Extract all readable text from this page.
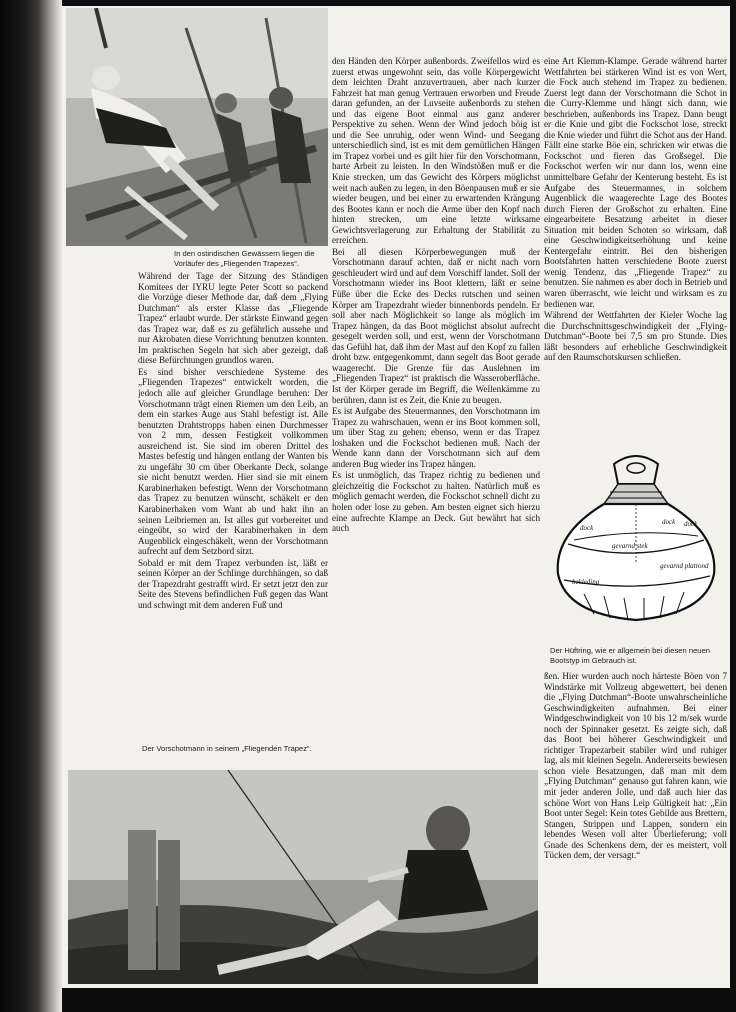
In den ostindischen Gewässern liegen die Vorläufer des „Fliegenden Trapezes“.

Während der Tage der Sitzung des Ständigen Komitees der IYRU legte Peter Scott so packend die Vorzüge dieser Methode dar, daß dem „Flying Dutchman“ als erster Klasse das „Fliegende Trapez“ erlaubt wurde. Der stärkste Einwand gegen das Trapez war, daß es zu gefährlich aussehe und nur Akrobaten diese Vorrichtung benutzen konnten. Im praktischen Segeln hat sich aber gezeigt, daß diese Befürchtungen grundlos waren.

Es sind bisher verschiedene Systeme des „Fliegenden Trapezes“ entwickelt worden, die jedoch alle auf gleicher Grundlage beruhen: Der Vorschotmann trägt einen Riemen um den Leib, an dem ein starkes Auge aus Stahl befestigt ist. Alle benutzten Drahtstropps haben einen Durchmesser von 2 mm, dessen Festigkeit vollkommen ausreichend ist. Sie sind im oberen Drittel des Mastes befestig und hängen entlang der Wanten bis zu ungefähr 30 cm über Oberkante Deck, solange sie nicht benutzt werden. Hier sind sie mit einem Karabinerhaken befestigt. Wenn der Vorschotmann das Trapez zu benutzen wünscht, schäkelt er den Karabinerhaken vom Want ab und hakt ihn an seinen Leibriemen an. Ist alles gut vorbereitet und eingeübt, so wird der Karabinerhaken in dem Augenblick eingeschäkelt, wenn der Vorschotmann aufrecht auf dem Setzbord sitzt.

Sobald er mit dem Trapez verbunden ist, läßt er seinen Körper an der Schlinge durchhängen, so daß der Trapezdraht gestrafft wird. Er setzt jetzt den zur Seite des Stevens befindlichen Fuß gegen das Want und schwingt mit dem anderen Fuß und

Der Vorschotmann in seinem „Fliegenden Trapez“.

den Händen den Körper außenbords. Zweifellos wird es zuerst etwas ungewohnt sein, das volle Körpergewicht dem leichten Draht anzuvertrauen, aber nach kurzer Fahrzeit hat man genug Vertrauen erworben und Freude daran gefunden, an der Luvseite außenbords zu stehen und das eigene Boot einmal aus ganz anderer Perspektive zu sehen. Wenn der Wind jedoch böig ist und die See unruhig, oder wenn Wind- und Seegang unterschiedlich sind, ist es mit dem gemütlichen Hängen im Trapez vorbei und es gilt hier für den Vorschotmann, harte Arbeit zu leisten. In den Windstößen muß er die Knie strecken, um das Gewicht des Körpers möglichst weit nach außen zu legen, in den Böenpausen muß er sie wieder beugen, und bei einer zu erwartenden Krängung des Bootes kann er noch die Arme über den Kopf nach hinten strecken, um eine letzte wirksame Gewichtsverlagerung zur Erhaltung der Stabilität zu erreichen.

Bei all diesen Körperbewegungen muß der Vorschotmann darauf achten, daß er nicht nach vorn geschleudert wird und auf dem Vorschiff landet. Soll der Vorschotmann wieder ins Boot klettern, läßt er seine Füße über die Ecke des Decks rutschen und seinen Körper am Trapezdraht wieder binnenbords pendeln. Er soll aber nach Möglichkeit so lange als möglich im Trapez hängen, da das Boot möglichst absolut aufrecht gesegelt werden soll, und erst, wenn der Vorschotmann das Gefühl hat, daß ihm der Mast auf den Kopf zu fallen droht bzw. entgegenkommt, dann segelt das Boot gerade waagerecht. Die Grenze für das Auslehnen im „Fliegenden Trapez“ ist praktisch die Wasseroberfläche. Ist der Körper gerade im Begriff, die Wellenkämme zu berühren, dann ist es Zeit, die Knie zu beugen.

Es ist Aufgabe des Steuermannes, den Vorschotmann im Trapez zu wahrschauen, wenn er ins Boot kommen soll, um über Stag zu gehen; ebenso, wenn er das Trapez loshaken und die Fockschot bedienen muß. Nach der Wende kann dann der Vorschotmann sich auf dem anderen Bug wieder ins Trapez hängen.

Es ist unmöglich, das Trapez richtig zu bedienen und gleichzeitig die Fockschot zu halten. Natürlich muß es möglich gemacht werden, die Fockschot schnell dicht zu holen oder lose zu geben. Am besten eignet sich hierzu eine aufrechte Klampe an Deck. Gut bewährt hat sich auch

eine Art Klemm-Klampe. Gerade während harter Wettfahrten bei stärkeren Wind ist es von Wert, die Fock auch stehend im Trapez zu bedienen. Zuerst legt dann der Vorschotmann die Schot in die Curry-Klemme und hängt sich dann, wie beschrieben, außenbords ins Trapez. Dann beugt er die Knie und gibt die Fockschot lose, streckt die Knie wieder und führt die Schot aus der Hand. Fällt eine starke Böe ein, schricken wir etwas die Fockschot und fieren das Großsegel. Die Fockschot werfen wir nur dann los, wenn eine unmittelbare Gefahr der Kenterung besteht. Es ist Aufgabe des Steuermannes, in solchem Augenblick die waagerechte Lage des Bootes durch Fieren der Großschot zu erhalten. Eine eingearbeitete Besatzung arbeitet in dieser Situation mit beiden Schoten so wirksam, daß eine Geschwindigkeitserhöhung und keine Kentergefahr eintritt. Bei den bisherigen Bootsfahrten hatten verschiedene Boote zuerst wenig Tendenz, das „Fliegende Trapez“ zu benutzen. Sie nahmen es aber doch in Betrieb und waren überrascht, wie leicht und wirksam es zu bedienen war.

Während der Wettfahrten der Kieler Woche lag die Durchschnittsgeschwindigkeit der „Flying-Dutchman“-Boote bei 7,5 sm pro Stunde. Dies läßt besonders auf erhebliche Geschwindigkeit auf den Raumschotskursen schließen.

dock	dock
gevarnd stek
dock
gevarnd platrond
bekleding
Der Hüftring, wie er allgemein bei diesen neuen Bootstyp im Gebrauch ist.

ßen. Hier wurden auch noch härteste Böen von 7 Windstärke mit Vollzeug abgewettert, bei denen die „Flying Dutchman“-Boote unwahrscheinliche Geschwindigkeiten aufnahmen. Bei einer Windgeschwindigkeit von 10 bis 12 m/sek wurde noch der Spinnaker gesetzt. Es zeigte sich, daß das Boot bei höherer Geschwindigkeit und richtiger Trapezarbeit stabiler wird und ruhiger lag, als mit kleinen Segeln. Andererseits bewiesen schon viele Besatzungen, daß man mit dem „Flying Dutchman“ genauso gut fahren kann, wie mit jeder anderen Jolle, und daß auch hier das schöne Wort von Hans Leip Gültigkeit hat: „Ein Boot unter Segel: Kein totes Gebilde aus Brettern, Stangen, Strippen und Lappen, sondern ein lebendes Wesen voll alter Überlieferung; voll Gnade des Schenkens dem, der es meistert, voll Tücken dem, der versagt.“
